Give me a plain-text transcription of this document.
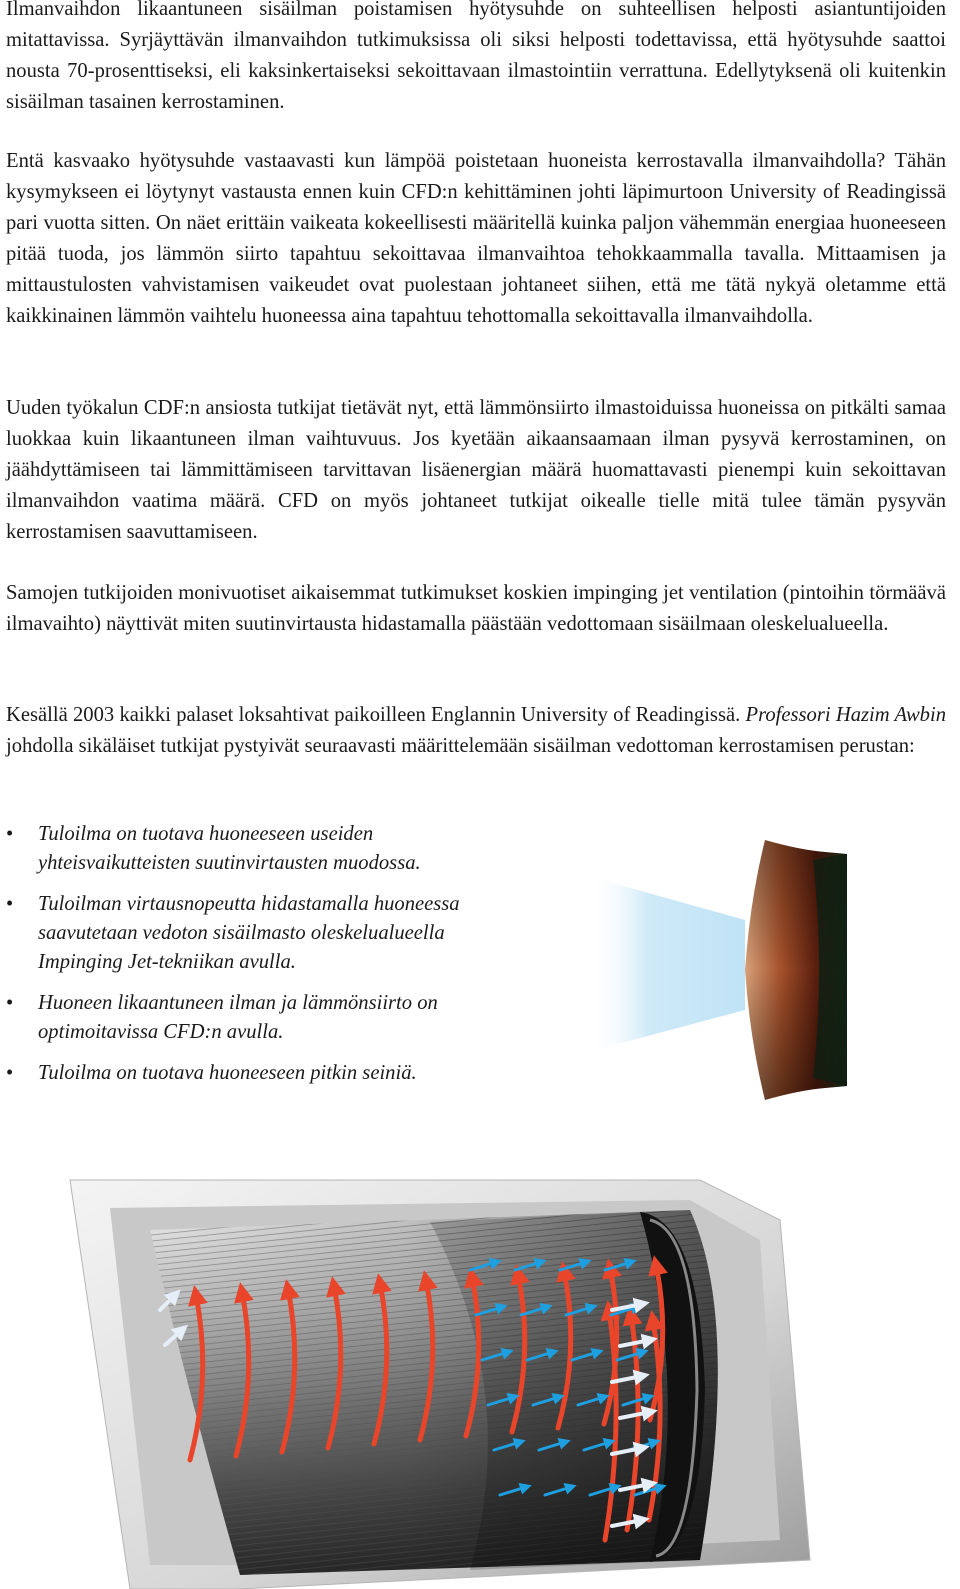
Ilmanvaihdon likaantuneen sisäilman poistamisen hyötysuhde on suhteellisen helposti asiantuntijoiden mitattavissa. Syrjäyttävän ilmanvaihdon tutkimuksissa oli siksi helposti todettavissa, että hyötysuhde saattoi nousta 70-prosenttiseksi, eli kaksinkertaiseksi sekoittavaan ilmastointiin verrattuna. Edellytyksenä oli kuitenkin sisäilman tasainen kerrostaminen.

Entä kasvaako hyötysuhde vastaavasti kun lämpöä poistetaan huoneista kerrostavalla ilmanvaihdolla? Tähän kysymykseen ei löytynyt vastausta ennen kuin CFD:n kehittäminen johti läpimurtoon University of Readingissä pari vuotta sitten. On näet erittäin vaikeata kokeellisesti määritellä kuinka paljon vähemmän energiaa huoneeseen pitää tuoda, jos lämmön siirto tapahtuu sekoittavaa ilmanvaihtoa tehokkaammalla tavalla. Mittaamisen ja mittaustulosten vahvistamisen vaikeudet ovat puolestaan johtaneet siihen, että me tätä nykyä oletamme että kaikkinainen lämmön vaihtelu huoneessa aina tapahtuu tehottomalla sekoittavalla ilmanvaihdolla.

Uuden työkalun CDF:n ansiosta tutkijat tietävät nyt, että lämmönsiirto ilmastoiduissa huoneissa on pitkälti samaa luokkaa kuin likaantuneen ilman vaihtuvuus. Jos kyetään aikaansaamaan ilman pysyvä kerrostaminen, on jäähdyttämiseen tai lämmittämiseen tarvittavan lisäenergian määrä huomattavasti pienempi kuin sekoittavan ilmanvaihdon vaatima määrä. CFD on myös johtaneet tutkijat oikealle tielle mitä tulee tämän pysyvän kerrostamisen saavuttamiseen.

Samojen tutkijoiden monivuotiset aikaisemmat tutkimukset koskien impinging jet ventilation (pintoihin törmäävä ilmavaihto) näyttivät miten suutinvirtausta hidastamalla päästään vedottomaan sisäilmaan oleskelualueella.

Kesällä 2003 kaikki palaset loksahtivat paikoilleen Englannin University of Readingissä. Professori Hazim Awbin johdolla sikäläiset tutkijat pystyivät seuraavasti määrittelemään sisäilman vedottoman kerrostamisen perustan:

• Tuloilma on tuotava huoneeseen useiden yhteisvaikutteisten suutinvirtausten muodossa.
• Tuloilman virtausnopeutta hidastamalla huoneessa saavutetaan vedoton sisäilmasto oleskelualueella Impinging Jet-tekniikan avulla.
• Huoneen likaantuneen ilman ja lämmönsiirto on optimoitavissa CFD:n avulla.
• Tuloilma on tuotava huoneeseen pitkin seiniä.
